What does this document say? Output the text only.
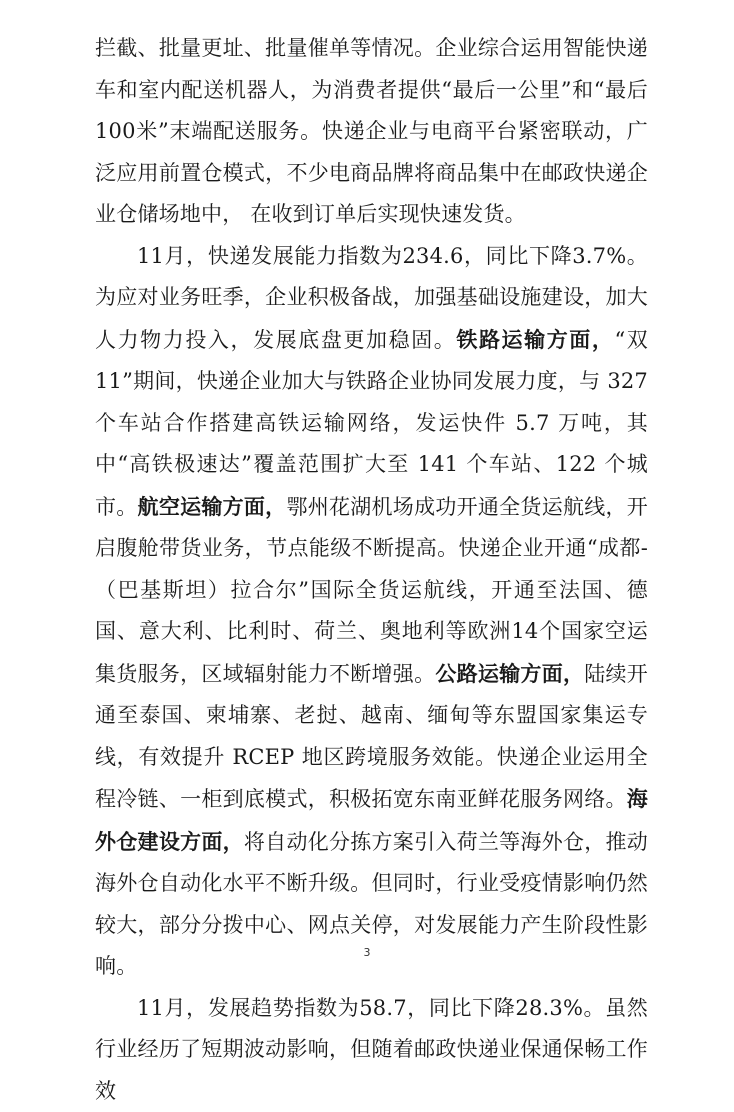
拦截、批量更址、批量催单等情况。企业综合运用智能快递车和室内配送机器人，为消费者提供“最后一公里”和“最后100米”末端配送服务。快递企业与电商平台紧密联动，广泛应用前置仓模式，不少电商品牌将商品集中在邮政快递企业仓储场地中， 在收到订单后实现快速发货。

11月，快递发展能力指数为234.6，同比下降3.7%。为应对业务旺季，企业积极备战，加强基础设施建设，加大人力物力投入，发展底盘更加稳固。铁路运输方面，“双11”期间，快递企业加大与铁路企业协同发展力度，与 327 个车站合作搭建高铁运输网络，发运快件 5.7 万吨，其中“高铁极速达”覆盖范围扩大至 141 个车站、122 个城市。航空运输方面，鄂州花湖机场成功开通全货运航线，开启腹舱带货业务，节点能级不断提高。快递企业开通“成都-（巴基斯坦）拉合尔”国际全货运航线，开通至法国、德国、意大利、比利时、荷兰、奥地利等欧洲14个国家空运集货服务，区域辐射能力不断增强。公路运输方面，陆续开通至泰国、柬埔寨、老挝、越南、缅甸等东盟国家集运专线，有效提升 RCEP 地区跨境服务效能。快递企业运用全程冷链、一柜到底模式，积极拓宽东南亚鲜花服务网络。海外仓建设方面，将自动化分拣方案引入荷兰等海外仓，推动海外仓自动化水平不断升级。但同时，行业受疫情影响仍然较大，部分分拨中心、网点关停，对发展能力产生阶段性影响。

11月，发展趋势指数为58.7，同比下降28.3%。虽然行业经历了短期波动影响，但随着邮政快递业保通保畅工作效

3
